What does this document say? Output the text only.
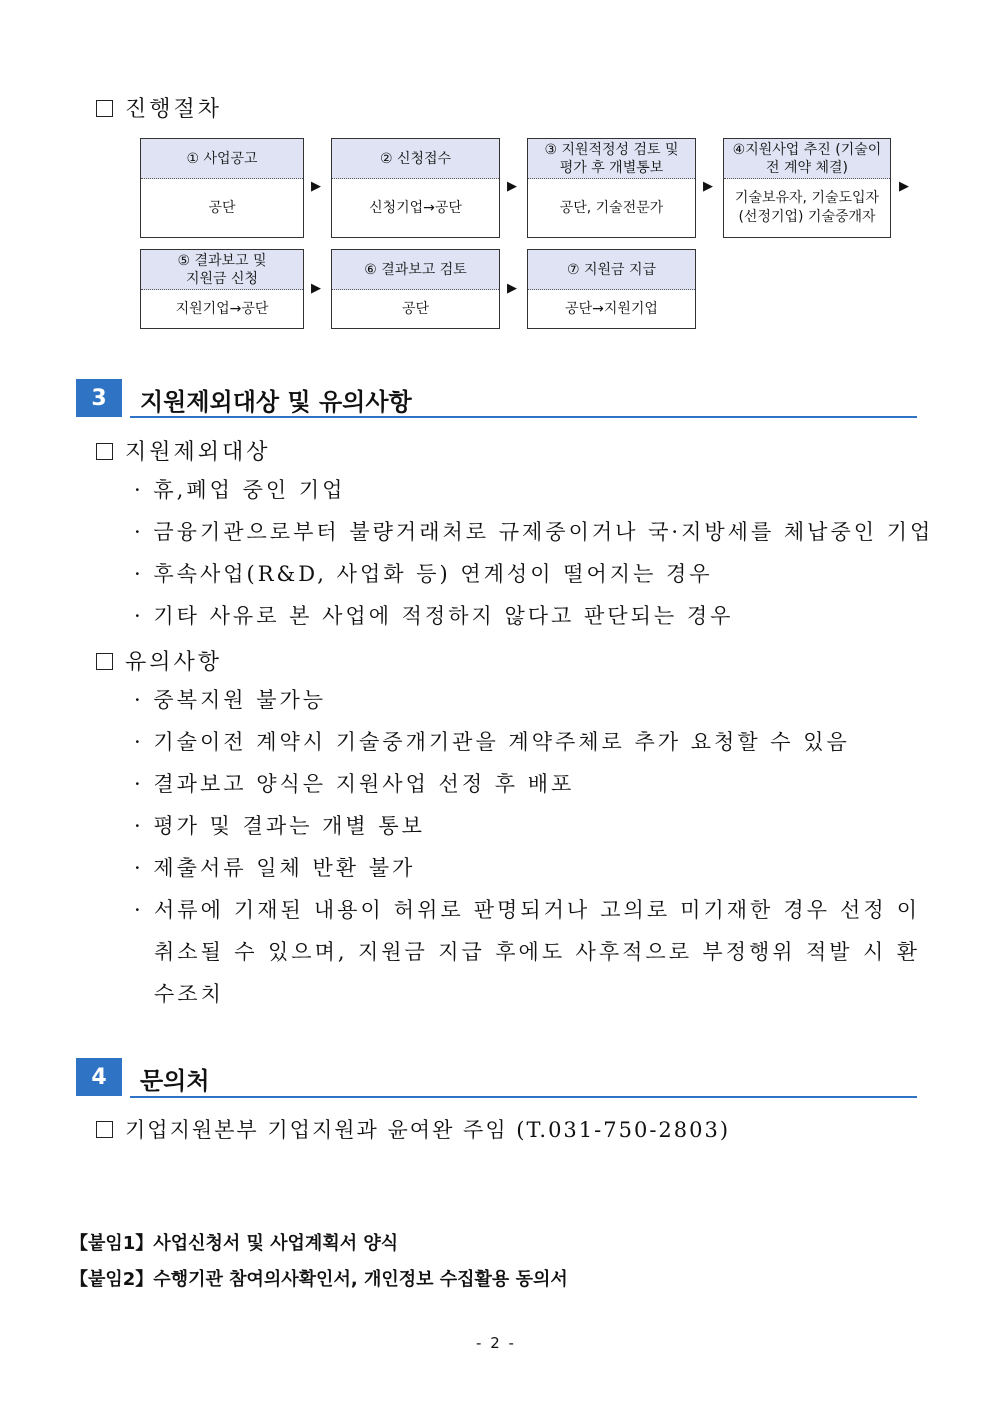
진행절차
① 사업공고
공단
▶
② 신청접수
신청기업→공단
▶
③ 지원적정성 검토 및 평가 후 개별통보
공단, 기술전문가
▶
④지원사업 추진 (기술이전 계약 체결)
기술보유자, 기술도입자(선정기업) 기술중개자
▶
⑤ 결과보고 및 지원금 신청
지원기업→공단
▶
⑥ 결과보고 검토
공단
▶
⑦ 지원금 지급
공단→지원기업
3	지원제외대상 및 유의사항
지원제외대상
· 휴,폐업 중인 기업
· 금융기관으로부터 불량거래처로 규제중이거나 국·지방세를 체납중인 기업
· 후속사업(R&D, 사업화 등) 연계성이 떨어지는 경우
· 기타 사유로 본 사업에 적정하지 않다고 판단되는 경우
유의사항
· 중복지원 불가능
· 기술이전 계약시 기술중개기관을 계약주체로 추가 요청할 수 있음
· 결과보고 양식은 지원사업 선정 후 배포
· 평가 및 결과는 개별 통보
· 제출서류 일체 반환 불가
· 서류에 기재된 내용이 허위로 판명되거나 고의로 미기재한 경우 선정 이 취소될 수 있으며, 지원금 지급 후에도 사후적으로 부정행위 적발 시 환수조치
4	문의처
기업지원본부 기업지원과 윤여완 주임 (T.031-750-2803)
【붙임1】사업신청서 및 사업계획서 양식
【붙임2】수행기관 참여의사확인서, 개인정보 수집활용 동의서
- 2 -
